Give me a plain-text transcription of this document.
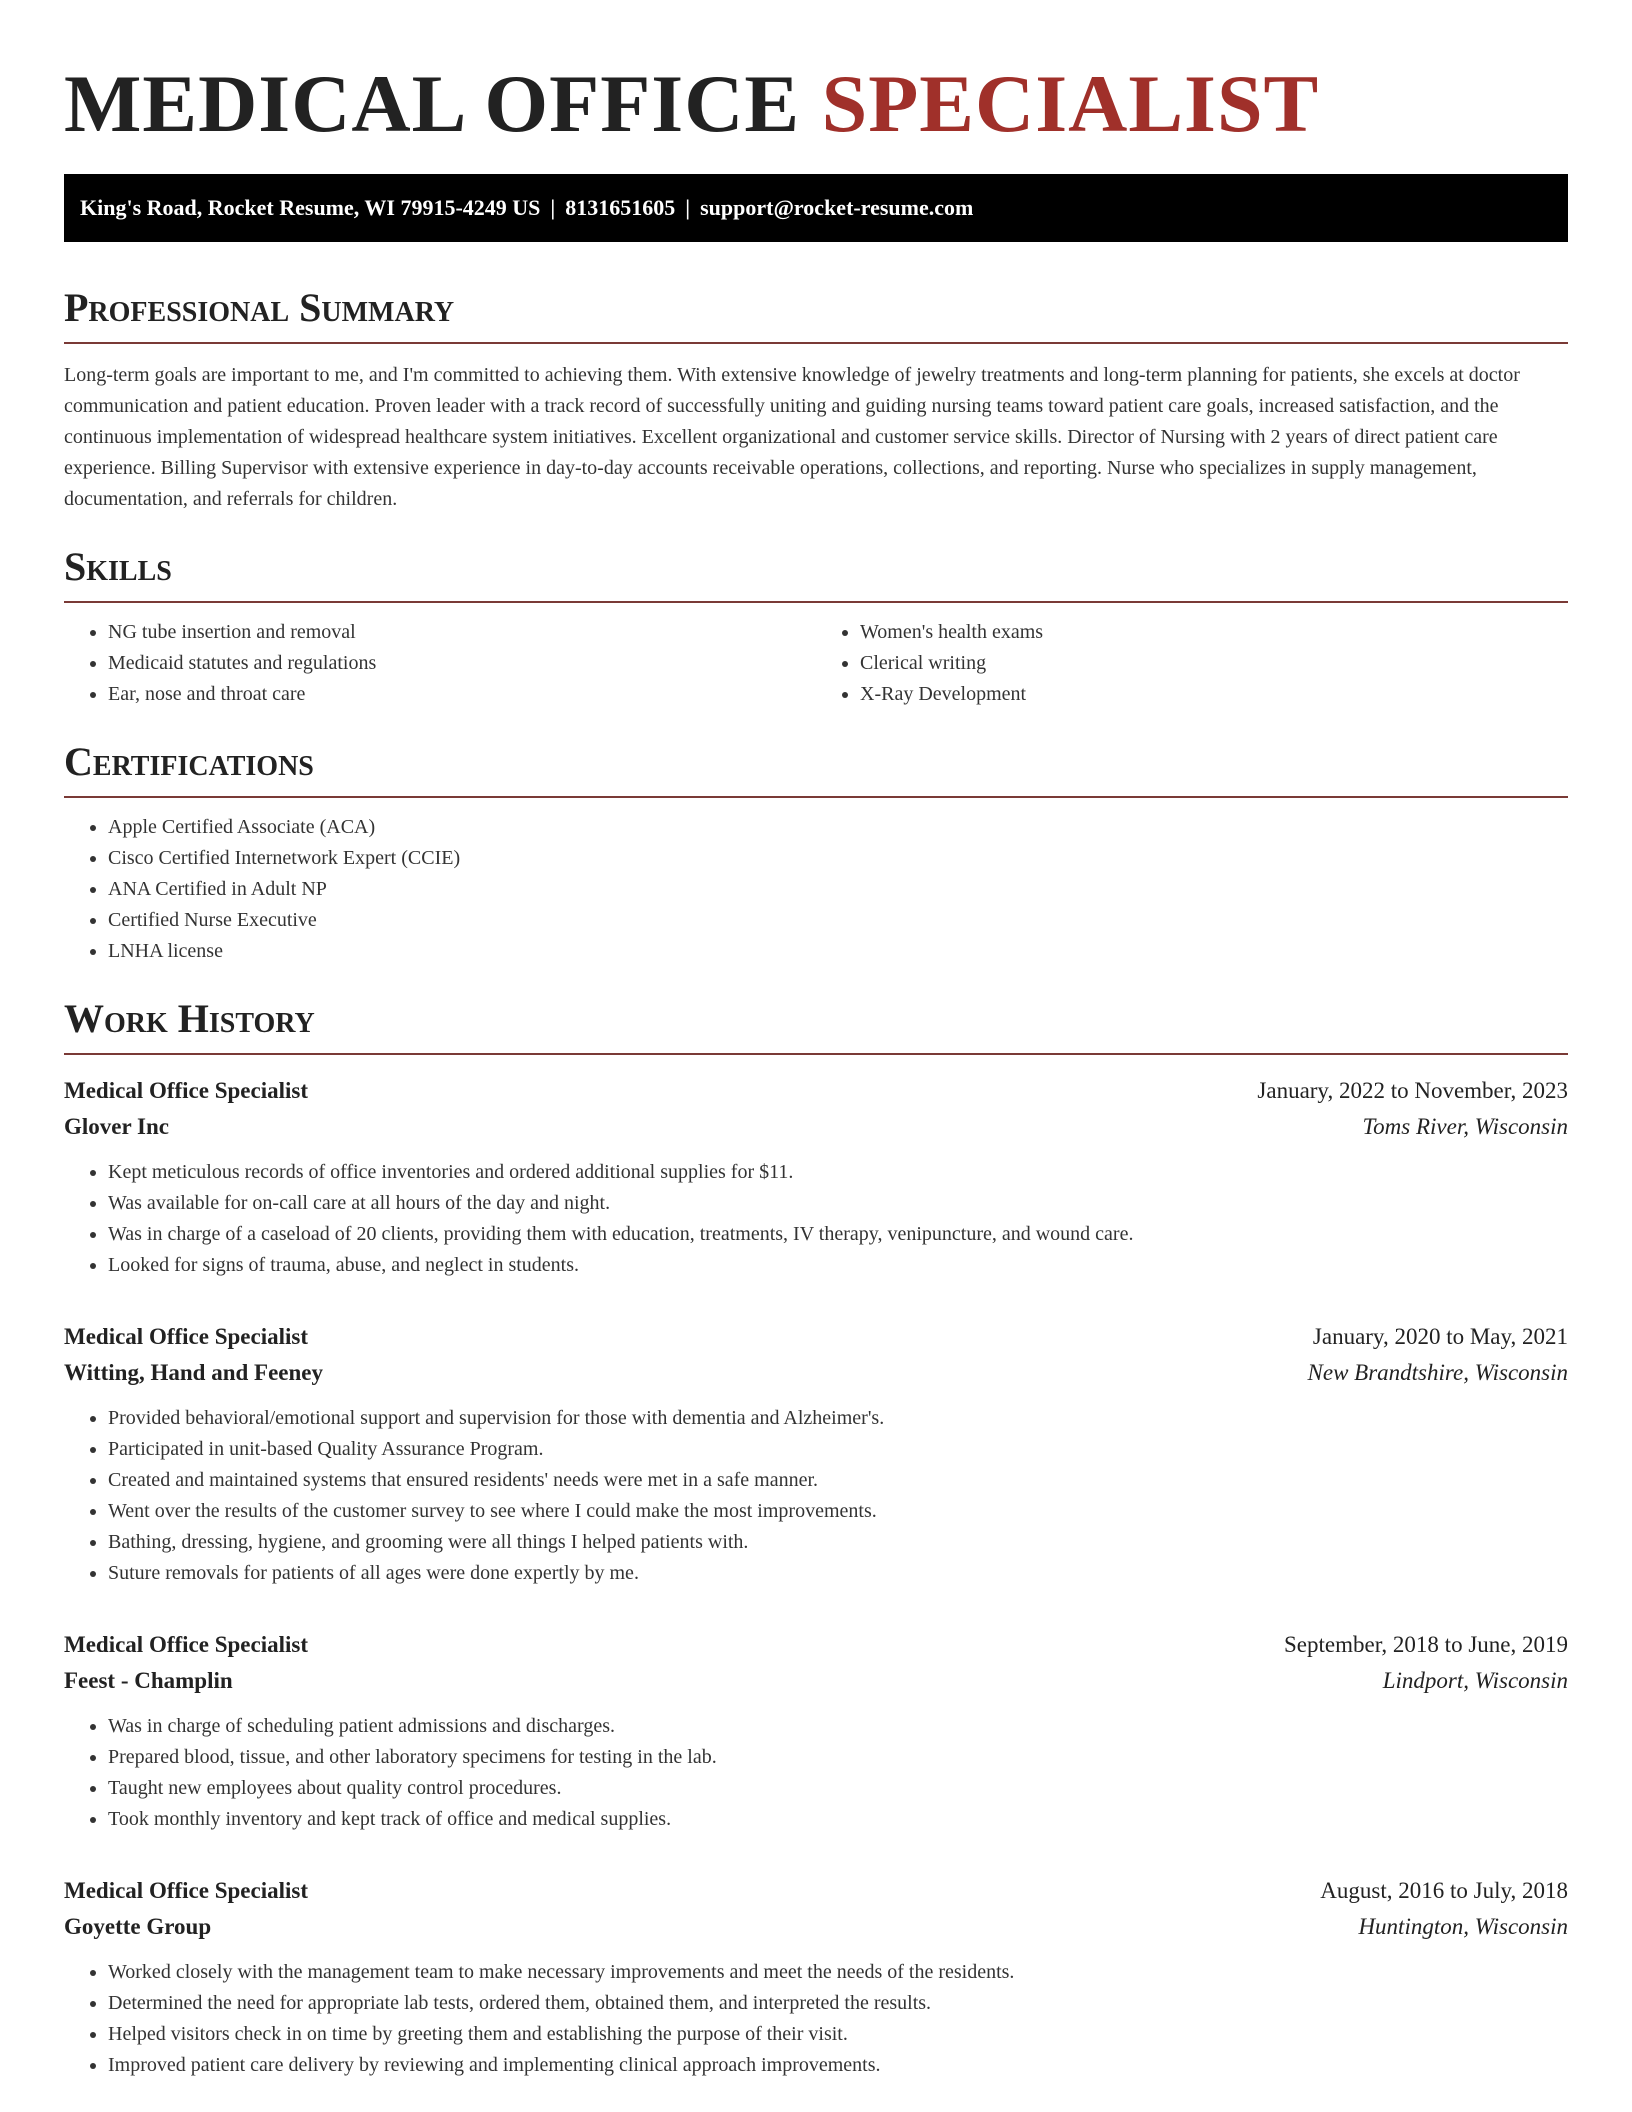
MEDICAL OFFICE SPECIALIST
King's Road, Rocket Resume, WI 79915-4249 US | 8131651605 | support@rocket-resume.com
Professional Summary

Long-term goals are important to me, and I'm committed to achieving them. With extensive knowledge of jewelry treatments and long-term planning for patients, she excels at doctor communication and patient education. Proven leader with a track record of successfully uniting and guiding nursing teams toward patient care goals, increased satisfaction, and the continuous implementation of widespread healthcare system initiatives. Excellent organizational and customer service skills. Director of Nursing with 2 years of direct patient care experience. Billing Supervisor with extensive experience in day-to-day accounts receivable operations, collections, and reporting. Nurse who specializes in supply management, documentation, and referrals for children.

Skills
• NG tube insertion and removal
• Medicaid statutes and regulations
• Ear, nose and throat care
• Women's health exams
• Clerical writing
• X-Ray Development
Certifications
• Apple Certified Associate (ACA)
• Cisco Certified Internetwork Expert (CCIE)
• ANA Certified in Adult NP
• Certified Nurse Executive
• LNHA license
Work History
Medical Office Specialist	January, 2022 to November, 2023
Glover Inc	Toms River, Wisconsin
• Kept meticulous records of office inventories and ordered additional supplies for $11.
• Was available for on-call care at all hours of the day and night.
• Was in charge of a caseload of 20 clients, providing them with education, treatments, IV therapy, venipuncture, and wound care.
• Looked for signs of trauma, abuse, and neglect in students.
Medical Office Specialist	January, 2020 to May, 2021
Witting, Hand and Feeney	New Brandtshire, Wisconsin
• Provided behavioral/emotional support and supervision for those with dementia and Alzheimer's.
• Participated in unit-based Quality Assurance Program.
• Created and maintained systems that ensured residents' needs were met in a safe manner.
• Went over the results of the customer survey to see where I could make the most improvements.
• Bathing, dressing, hygiene, and grooming were all things I helped patients with.
• Suture removals for patients of all ages were done expertly by me.
Medical Office Specialist	September, 2018 to June, 2019
Feest - Champlin	Lindport, Wisconsin
• Was in charge of scheduling patient admissions and discharges.
• Prepared blood, tissue, and other laboratory specimens for testing in the lab.
• Taught new employees about quality control procedures.
• Took monthly inventory and kept track of office and medical supplies.
Medical Office Specialist	August, 2016 to July, 2018
Goyette Group	Huntington, Wisconsin
• Worked closely with the management team to make necessary improvements and meet the needs of the residents.
• Determined the need for appropriate lab tests, ordered them, obtained them, and interpreted the results.
• Helped visitors check in on time by greeting them and establishing the purpose of their visit.
• Improved patient care delivery by reviewing and implementing clinical approach improvements.
